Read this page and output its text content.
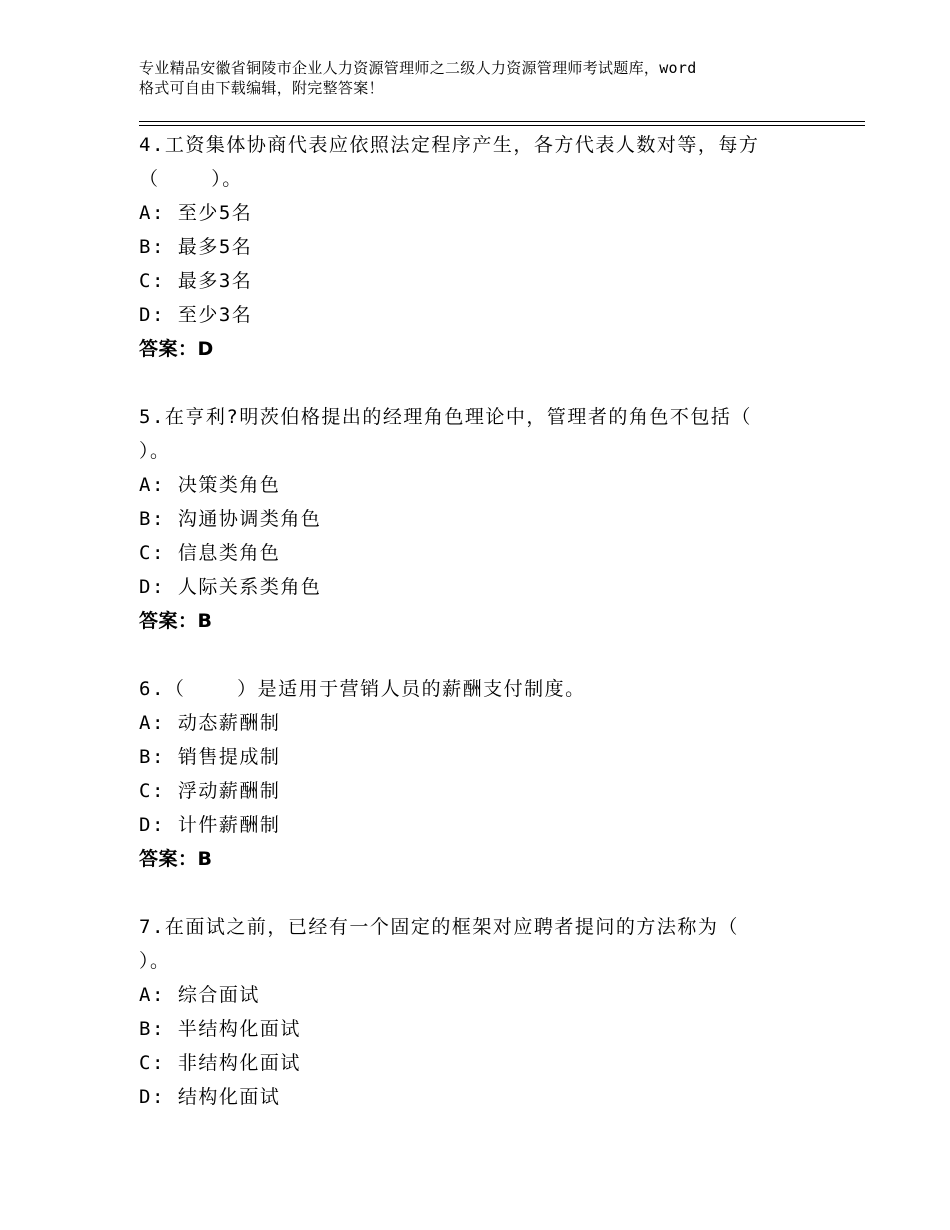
专业精品安徽省铜陵市企业人力资源管理师之二级人力资源管理师考试题库，word
格式可自由下载编辑，附完整答案！
4.工资集体协商代表应依照法定程序产生，各方代表人数对等，每方
（    ）。
A: 至少5名
B: 最多5名
C: 最多3名
D: 至少3名
答案：D
5.在亨利?明茨伯格提出的经理角色理论中，管理者的角色不包括（
）。
A: 决策类角色
B: 沟通协调类角色
C: 信息类角色
D: 人际关系类角色
答案：B
6.（    ）是适用于营销人员的薪酬支付制度。
A: 动态薪酬制
B: 销售提成制
C: 浮动薪酬制
D: 计件薪酬制
答案：B
7.在面试之前，已经有一个固定的框架对应聘者提问的方法称为（
）。
A: 综合面试
B: 半结构化面试
C: 非结构化面试
D: 结构化面试
